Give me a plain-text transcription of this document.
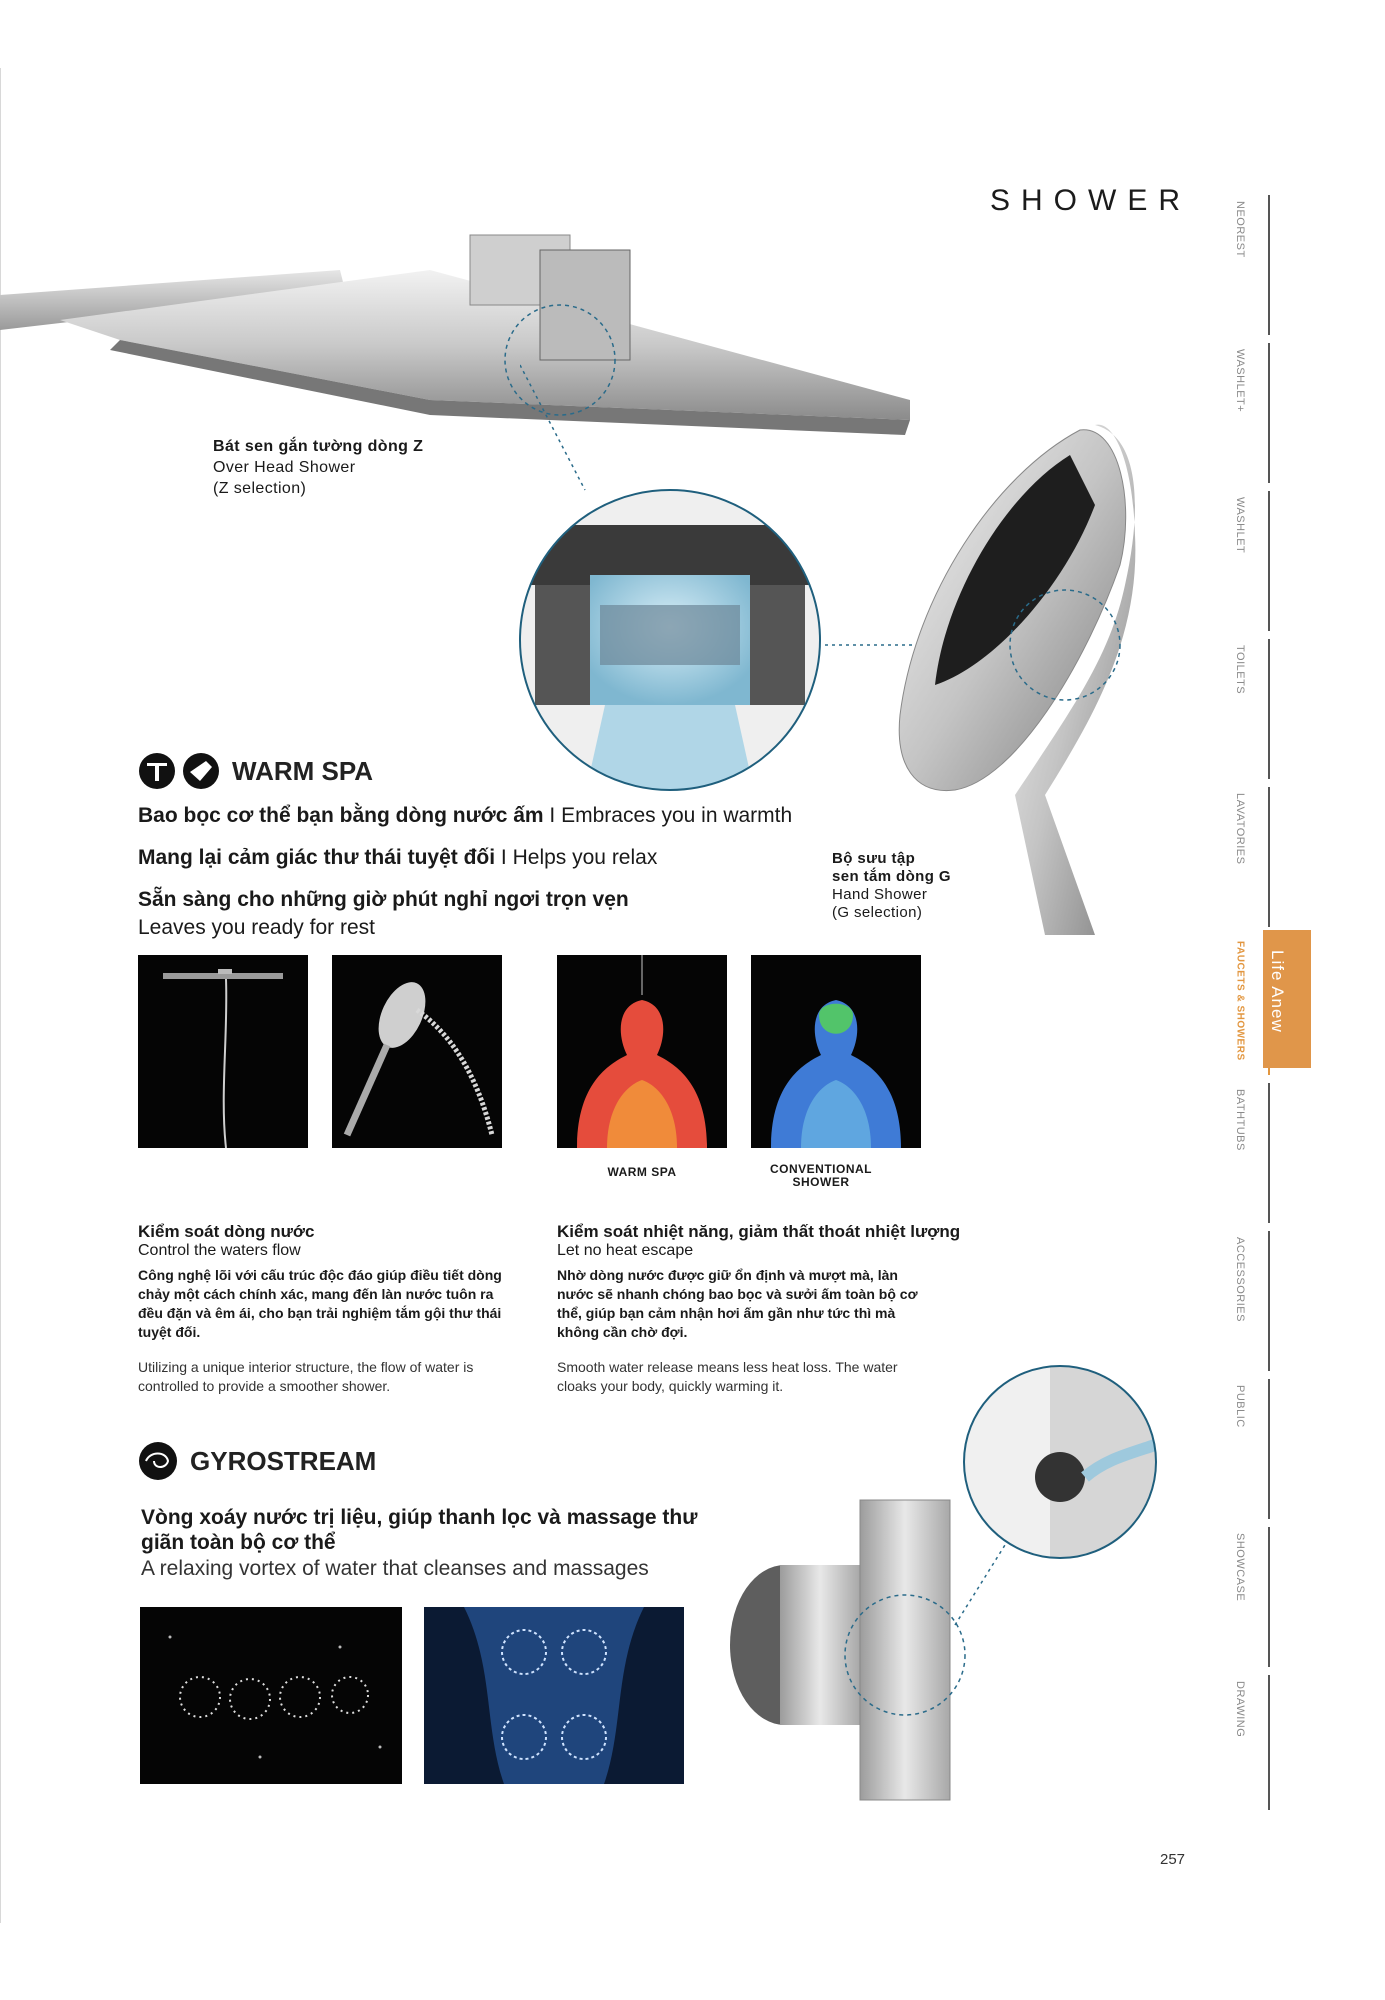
SHOWER
NEOREST
WASHLET+
WASHLET
TOILETS
LAVATORIES
FAUCETS & SHOWERS
BATHTUBS
ACCESSORIES
PUBLIC
SHOWCASE
DRAWING
Life Anew
Bát sen gắn tường dòng Z
Over Head Shower
(Z selection)
Bộ sưu tập
sen tắm dòng G
Hand Shower
(G selection)
WARM SPA
Bao bọc cơ thể bạn bằng dòng nước ấm I Embraces you in warmth
Mang lại cảm giác thư thái tuyệt đối I Helps you relax
Sẵn sàng cho những giờ phút nghỉ ngơi trọn vẹn
Leaves you ready for rest
WARM SPA	CONVENTIONAL SHOWER
Kiểm soát dòng nước
Control the waters flow
Công nghệ lõi với cấu trúc độc đáo giúp điều tiết dòng chảy một cách chính xác, mang đến làn nước tuôn ra đều đặn và êm ái, cho bạn trải nghiệm tắm gội thư thái tuyệt đối.
Utilizing a unique interior structure, the flow of water is controlled to provide a smoother shower.
Kiểm soát nhiệt năng, giảm thất thoát nhiệt lượng
Let no heat escape
Nhờ dòng nước được giữ ổn định và mượt mà, làn nước sẽ nhanh chóng bao bọc và sưởi ấm toàn bộ cơ thể, giúp bạn cảm nhận hơi ấm gần như tức thì mà không cần chờ đợi.
Smooth water release means less heat loss. The water cloaks your body, quickly warming it.
GYROSTREAM
Vòng xoáy nước trị liệu, giúp thanh lọc và massage thư giãn toàn bộ cơ thể
A relaxing vortex of water that cleanses and massages
257
